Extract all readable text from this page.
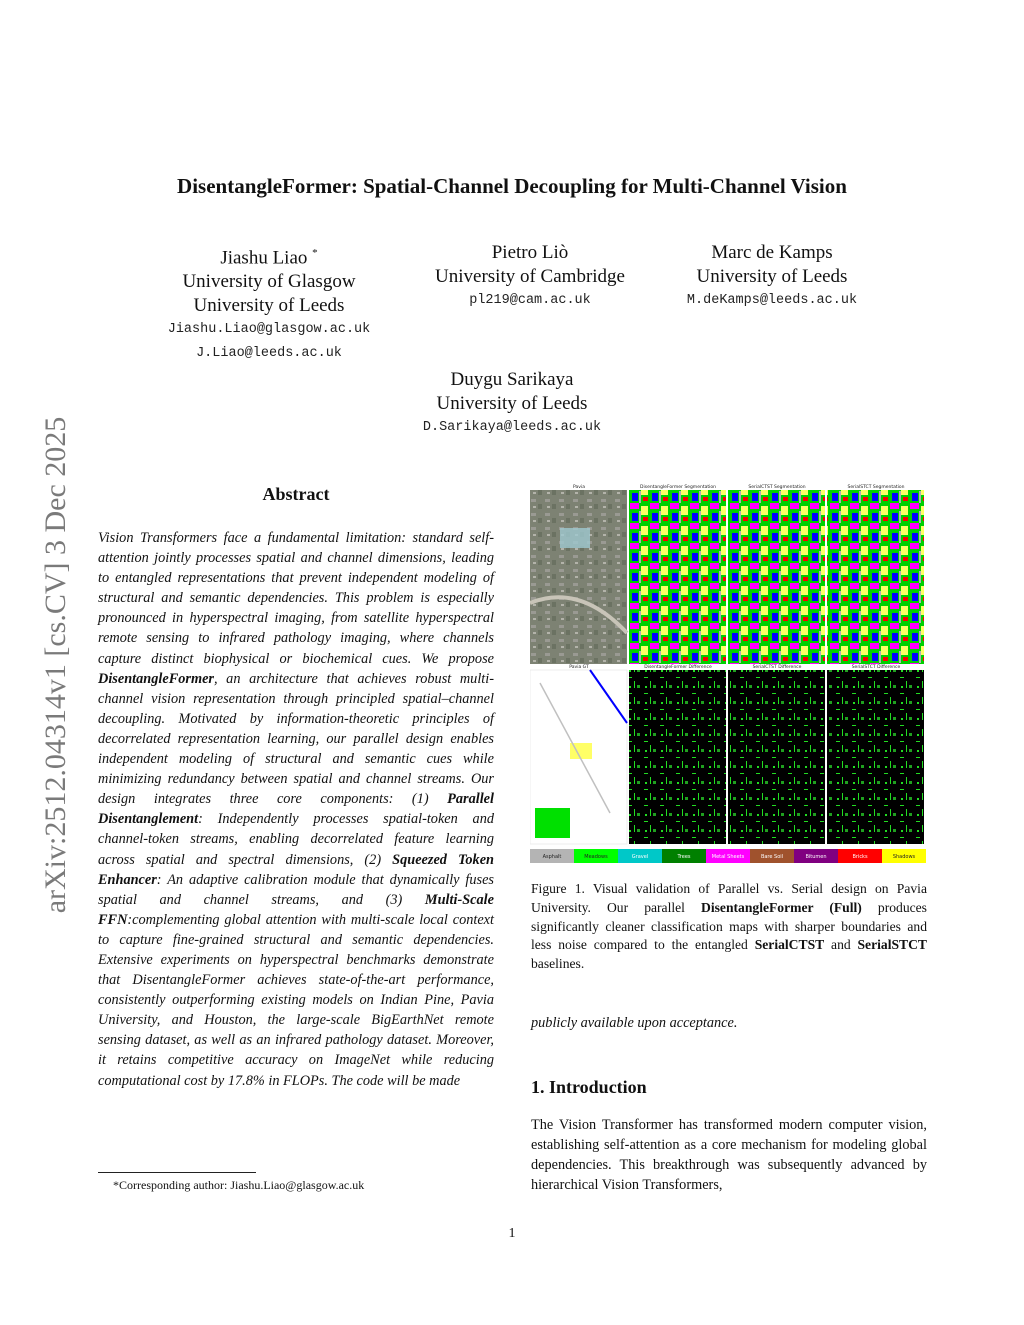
arXiv:2512.04314v1 [cs.CV] 3 Dec 2025
DisentangleFormer: Spatial-Channel Decoupling for Multi-Channel Vision
Jiashu Liao *
University of Glasgow
University of Leeds
Jiashu.Liao@glasgow.ac.uk
J.Liao@leeds.ac.uk
Pietro Liò
University of Cambridge
pl219@cam.ac.uk
Marc de Kamps
University of Leeds
M.deKamps@leeds.ac.uk
Duygu Sarikaya
University of Leeds
D.Sarikaya@leeds.ac.uk
Abstract
Vision Transformers face a fundamental limitation: standard self-attention jointly processes spatial and channel dimensions, leading to entangled representations that prevent independent modeling of structural and semantic dependencies. This problem is especially pronounced in hyperspectral imaging, from satellite hyperspectral remote sensing to infrared pathology imaging, where channels capture distinct biophysical or biochemical cues. We propose DisentangleFormer, an architecture that achieves robust multi-channel vision representation through principled spatial–channel decoupling. Motivated by information-theoretic principles of decorrelated representation learning, our parallel design enables independent modeling of structural and semantic cues while minimizing redundancy between spatial and channel streams. Our design integrates three core components: (1) Parallel Disentanglement: Independently processes spatial-token and channel-token streams, enabling decorrelated feature learning across spatial and spectral dimensions, (2) Squeezed Token Enhancer: An adaptive calibration module that dynamically fuses spatial and channel streams, and (3) Multi-Scale FFN:complementing global attention with multi-scale local context to capture fine-grained structural and semantic dependencies. Extensive experiments on hyperspectral benchmarks demonstrate that DisentangleFormer achieves state-of-the-art performance, consistently outperforming existing models on Indian Pine, Pavia University, and Houston, the large-scale BigEarthNet remote sensing dataset, as well as an infrared pathology dataset. Moreover, it retains competitive accuracy on ImageNet while reducing computational cost by 17.8% in FLOPs. The code will be made
*Corresponding author: Jiashu.Liao@glasgow.ac.uk
Pavia	DisentangleFormer Segmentation	SerialCTST Segmentation	SerialSTCT Segmentation
Pavia GT	DisentangleFormer Difference	SerialCTST Difference	SerialSTCT Difference
Asphalt	Meadows	Gravel	Trees	Metal Sheets	Bare Soil	Bitumen	Bricks	Shadows
Figure 1. Visual validation of Parallel vs. Serial design on Pavia University. Our parallel DisentangleFormer (Full) produces significantly cleaner classification maps with sharper boundaries and less noise compared to the entangled SerialCTST and SerialSTCT baselines.
publicly available upon acceptance.
1. Introduction
The Vision Transformer has transformed modern computer vision, establishing self-attention as a core mechanism for modeling global dependencies. This breakthrough was subsequently advanced by hierarchical Vision Transformers,
1
